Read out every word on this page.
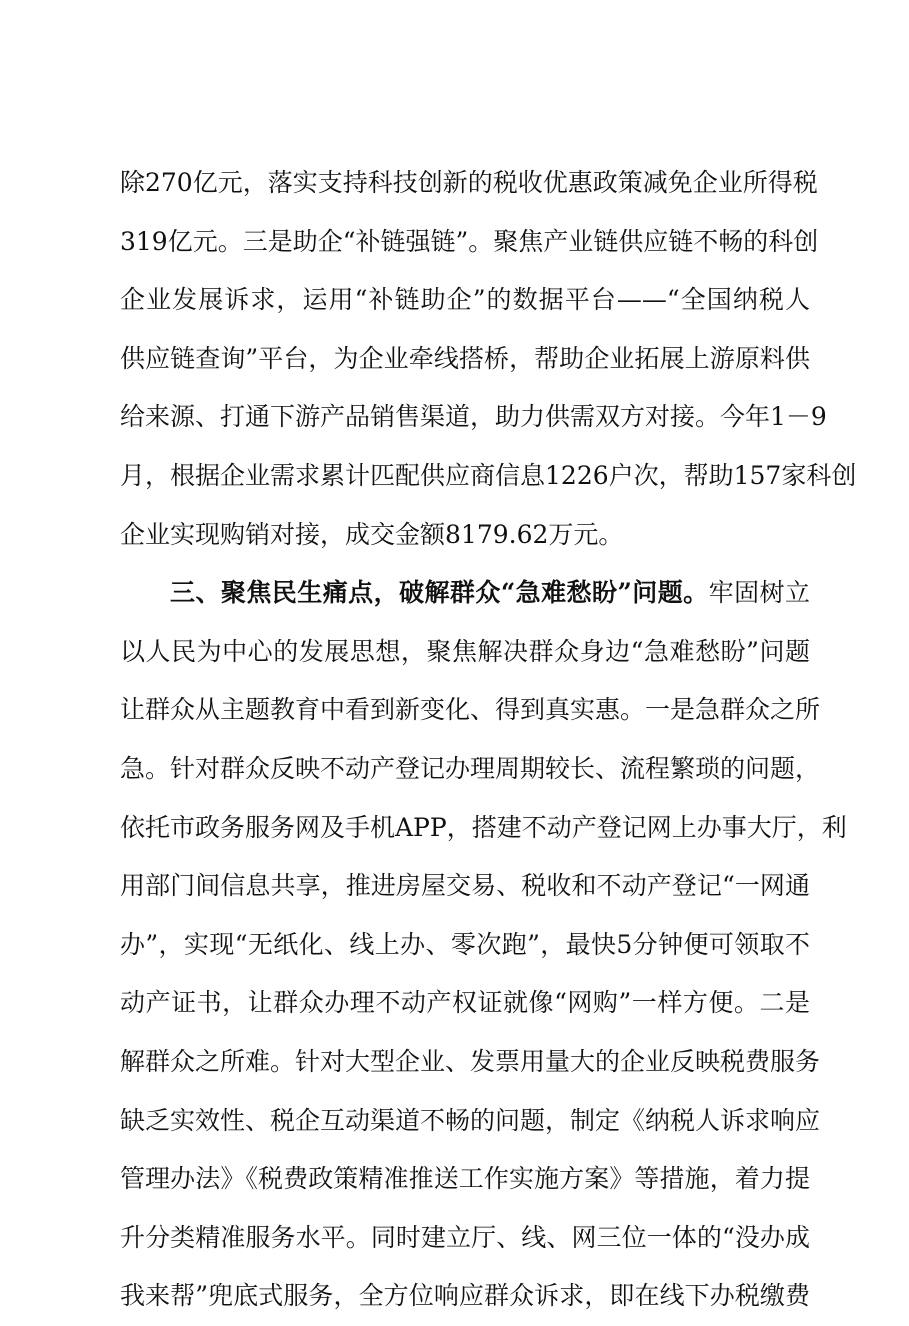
除270亿元，落实支持科技创新的税收优惠政策减免企业所得税
319亿元。三是助企“补链强链”。聚焦产业链供应链不畅的科创
企业发展诉求，运用“补链助企”的数据平台——“全国纳税人
供应链查询”平台，为企业牵线搭桥，帮助企业拓展上游原料供
给来源、打通下游产品销售渠道，助力供需双方对接。今年1－9
月，根据企业需求累计匹配供应商信息1226户次，帮助157家科创
企业实现购销对接，成交金额8179.62万元。
三、聚焦民生痛点，破解群众“急难愁盼”问题。牢固树立
以人民为中心的发展思想，聚焦解决群众身边“急难愁盼”问题
让群众从主题教育中看到新变化、得到真实惠。一是急群众之所
急。针对群众反映不动产登记办理周期较长、流程繁琐的问题，
依托市政务服务网及手机APP，搭建不动产登记网上办事大厅，利
用部门间信息共享，推进房屋交易、税收和不动产登记“一网通
办”，实现“无纸化、线上办、零次跑”，最快5分钟便可领取不
动产证书，让群众办理不动产权证就像“网购”一样方便。二是
解群众之所难。针对大型企业、发票用量大的企业反映税费服务
缺乏实效性、税企互动渠道不畅的问题，制定《纳税人诉求响应
管理办法》《税费政策精准推送工作实施方案》等措施，着力提
升分类精准服务水平。同时建立厅、线、网三位一体的“没办成
我来帮”兜底式服务，全方位响应群众诉求，即在线下办税缴费
